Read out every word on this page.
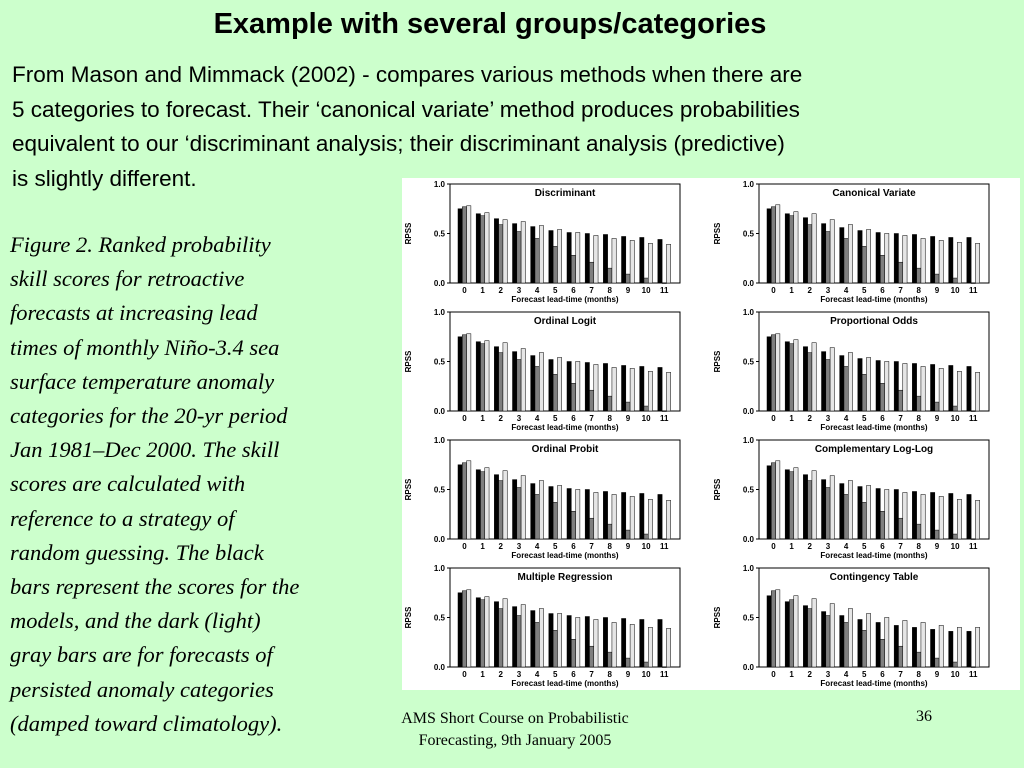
Example with several groups/categories
From Mason and Mimmack (2002) - compares various methods when there are
5 categories to forecast. Their ‘canonical variate’ method produces probabilities
equivalent to our ‘discriminant analysis; their discriminant analysis (predictive)
is slightly different.
Figure 2. Ranked probability
skill scores for retroactive
forecasts at increasing lead
times of monthly Niño-3.4 sea
surface temperature anomaly
categories for the 20-yr period
Jan 1981–Dec 2000. The skill
scores are calculated with
reference to a strategy of
random guessing. The black
bars represent the scores for the
models, and the dark (light)
gray bars are for forecasts of
persisted anomaly categories
(damped toward climatology).
0.0
0.5
1.0
RPSS
Discriminant
0 1 2 3 4 5 6 7 8 9 10 11
Forecast lead-time (months)
0.0
0.5
1.0
RPSS
Canonical Variate
0 1 2 3 4 5 6 7 8 9 10 11
Forecast lead-time (months)
0.0
0.5
1.0
RPSS
Ordinal Logit
0 1 2 3 4 5 6 7 8 9 10 11
Forecast lead-time (months)
0.0
0.5
1.0
RPSS
Proportional Odds
0 1 2 3 4 5 6 7 8 9 10 11
Forecast lead-time (months)
0.0
0.5
1.0
RPSS
Ordinal Probit
0 1 2 3 4 5 6 7 8 9 10 11
Forecast lead-time (months)
0.0
0.5
1.0
RPSS
Complementary Log-Log
0 1 2 3 4 5 6 7 8 9 10 11
Forecast lead-time (months)
0.0
0.5
1.0
RPSS
Multiple Regression
0 1 2 3 4 5 6 7 8 9 10 11
Forecast lead-time (months)
0.0
0.5
1.0
RPSS
Contingency Table
0 1 2 3 4 5 6 7 8 9 10 11
Forecast lead-time (months)
AMS Short Course on Probabilistic
Forecasting, 9th January 2005
36
